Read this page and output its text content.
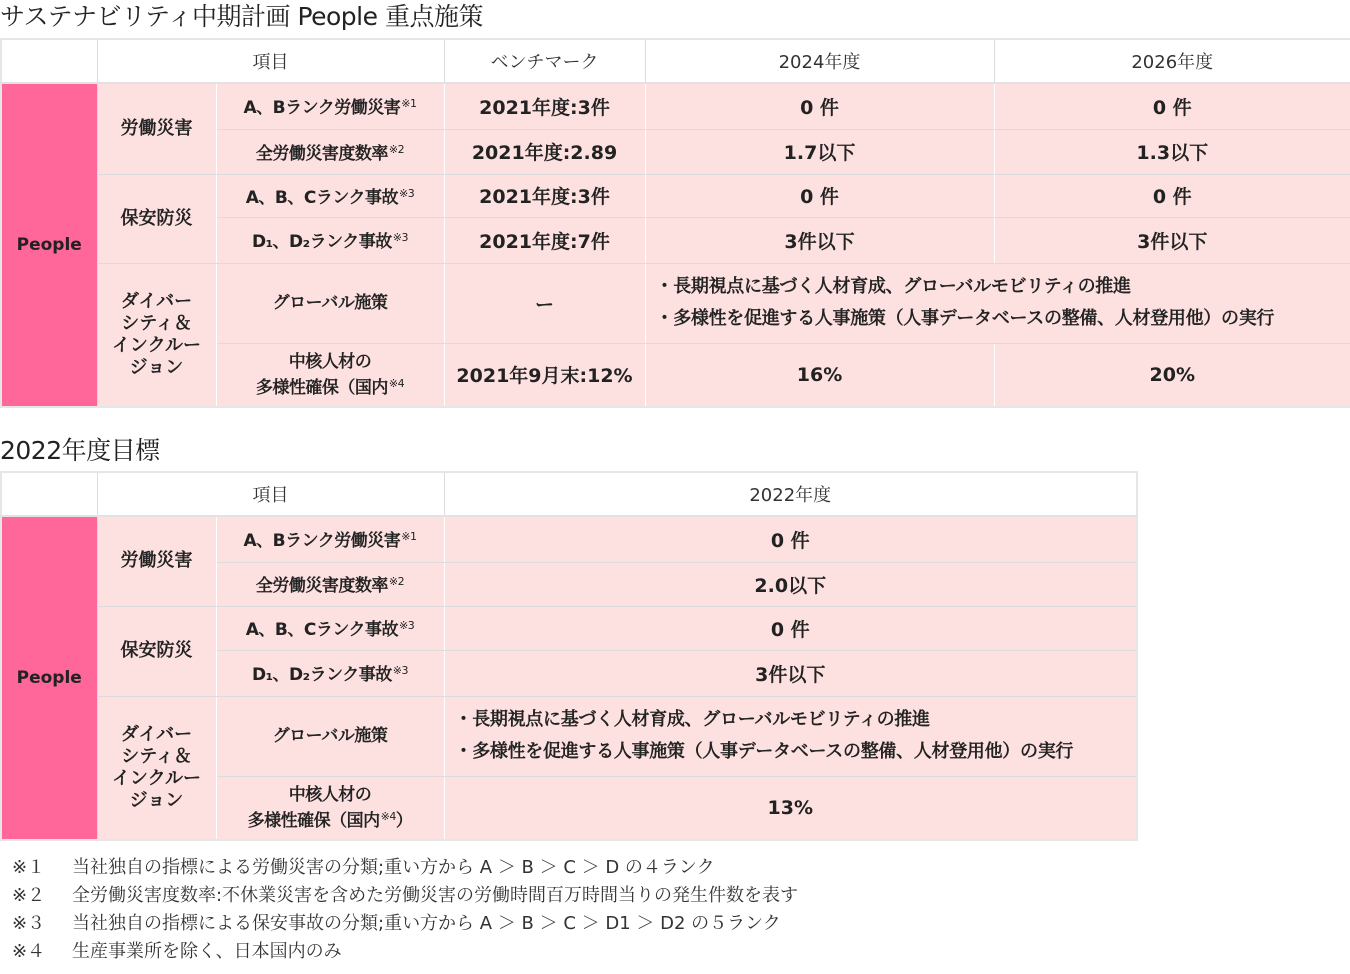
サステナビリティ中期計画 People 重点施策
	項目		ベンチマーク	2024年度	2026年度
People	労働災害	A、Bランク労働災害$^{※1}$	2021年度:3件	0 件	0 件
		全労働災害度数率$^{※2}$	2021年度:2.89	1.7以下	1.3以下
	保安防災	A、B、Cランク事故$^{※3}$	2021年度:3件	0 件	0 件
		D₁、D₂ランク事故$^{※3}$	2021年度:7件	3件以下	3件以下
	ダイバー
シティ＆
インクルー
ジョン	グローバル施策	ー	・長期視点に基づく人材育成、グローバルモビリティの推進
・多様性を促進する人事施策（人事データベースの整備、人材登用他）の実行	
		中核人材の
多様性確保（国内$^{※4}$	2021年9月末:12%	16%	20%
2022年度目標
	項目		2022年度
People	労働災害	A、Bランク労働災害$^{※1}$	0 件
		全労働災害度数率$^{※2}$	2.0以下
	保安防災	A、B、Cランク事故$^{※3}$	0 件
		D₁、D₂ランク事故$^{※3}$	3件以下
	ダイバー
シティ＆
インクルー
ジョン	グローバル施策	・長期視点に基づく人材育成、グローバルモビリティの推進
・多様性を促進する人事施策（人事データベースの整備、人材登用他）の実行
		中核人材の
多様性確保（国内$^{※4}$）	13%
※１ 当社独自の指標による労働災害の分類;重い方から A ＞ B ＞ C ＞ D の４ランク
※２ 全労働災害度数率:不休業災害を含めた労働災害の労働時間百万時間当りの発生件数を表す
※３ 当社独自の指標による保安事故の分類;重い方から A ＞ B ＞ C ＞ D1 ＞ D2 の５ランク
※４ 生産事業所を除く、日本国内のみ
